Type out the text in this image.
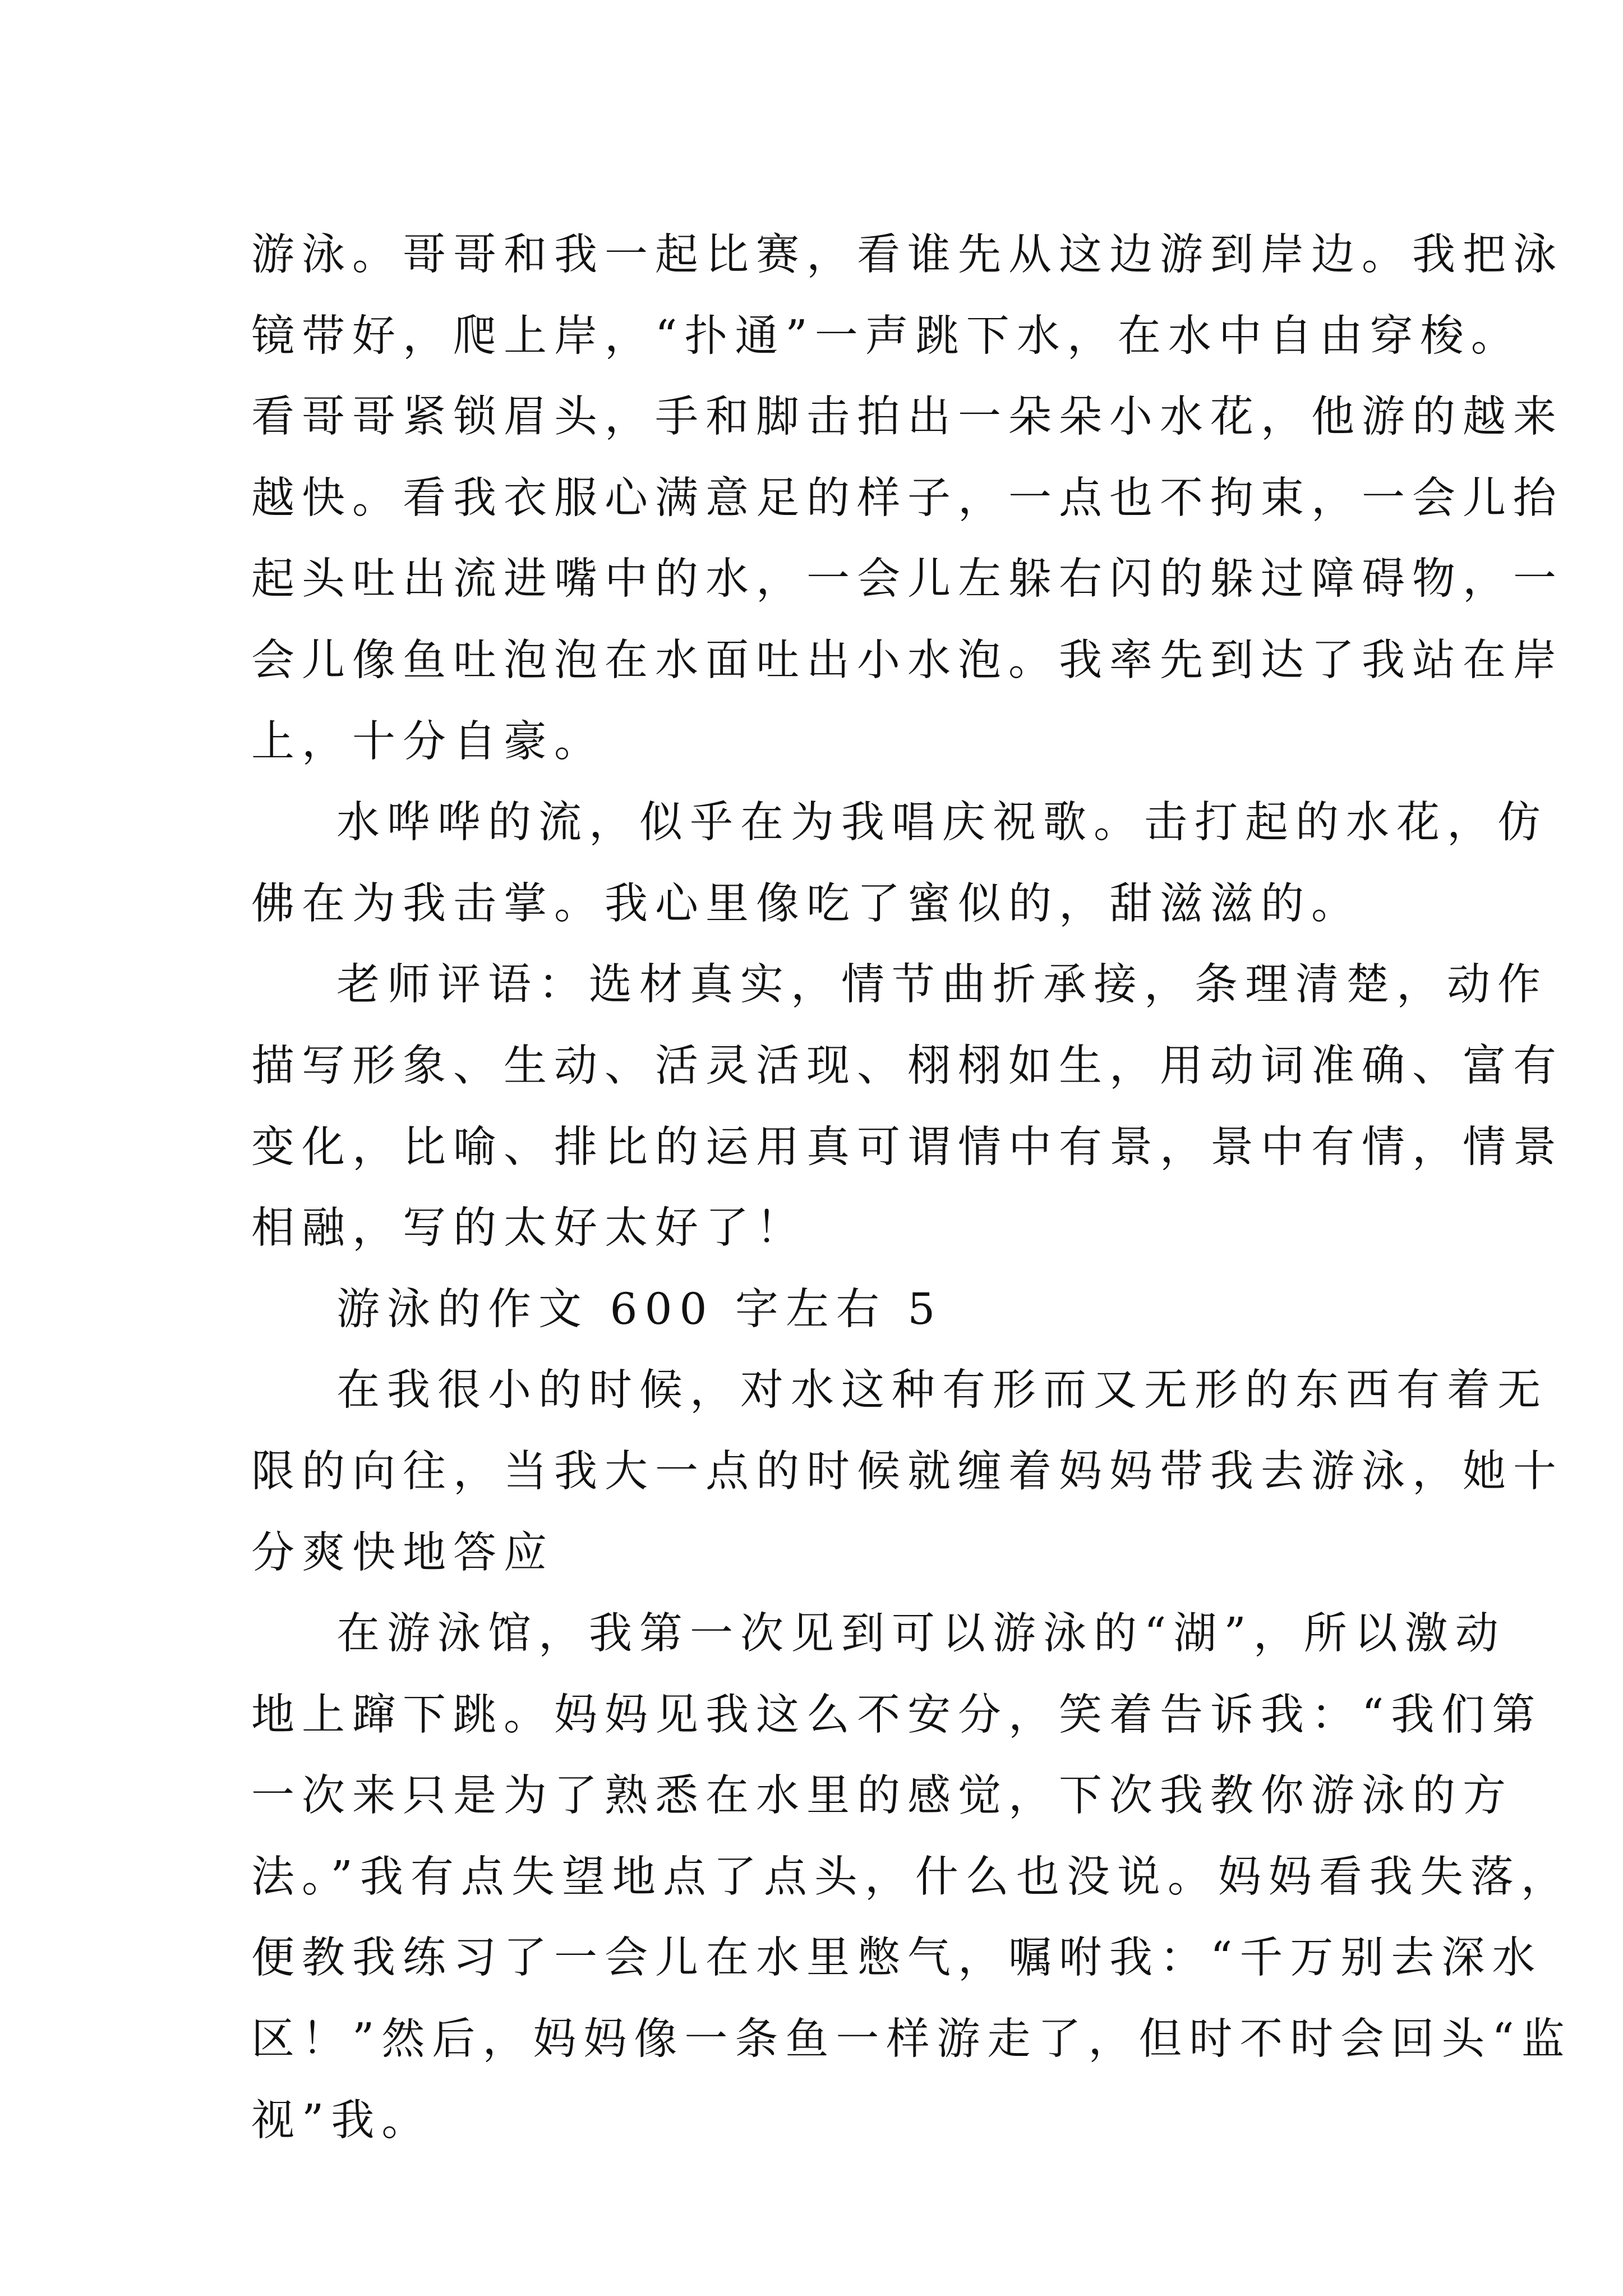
游泳。哥哥和我一起比赛，看谁先从这边游到岸边。我把泳
镜带好，爬上岸，“扑通”一声跳下水，在水中自由穿梭。
看哥哥紧锁眉头，手和脚击拍出一朵朵小水花，他游的越来
越快。看我衣服心满意足的样子，一点也不拘束，一会儿抬
起头吐出流进嘴中的水，一会儿左躲右闪的躲过障碍物，一
会儿像鱼吐泡泡在水面吐出小水泡。我率先到达了我站在岸
上，十分自豪。
水哗哗的流，似乎在为我唱庆祝歌。击打起的水花，仿
佛在为我击掌。我心里像吃了蜜似的，甜滋滋的。
老师评语：选材真实，情节曲折承接，条理清楚，动作
描写形象、生动、活灵活现、栩栩如生，用动词准确、富有
变化，比喻、排比的运用真可谓情中有景，景中有情，情景
相融，写的太好太好了！
游泳的作文 600 字左右 5
在我很小的时候，对水这种有形而又无形的东西有着无
限的向往，当我大一点的时候就缠着妈妈带我去游泳，她十
分爽快地答应
在游泳馆，我第一次见到可以游泳的“湖”，所以激动
地上蹿下跳。妈妈见我这么不安分，笑着告诉我：“我们第
一次来只是为了熟悉在水里的感觉，下次我教你游泳的方
法。”我有点失望地点了点头，什么也没说。妈妈看我失落，
便教我练习了一会儿在水里憋气，嘱咐我：“千万别去深水
区！”然后，妈妈像一条鱼一样游走了，但时不时会回头“监
视”我。
